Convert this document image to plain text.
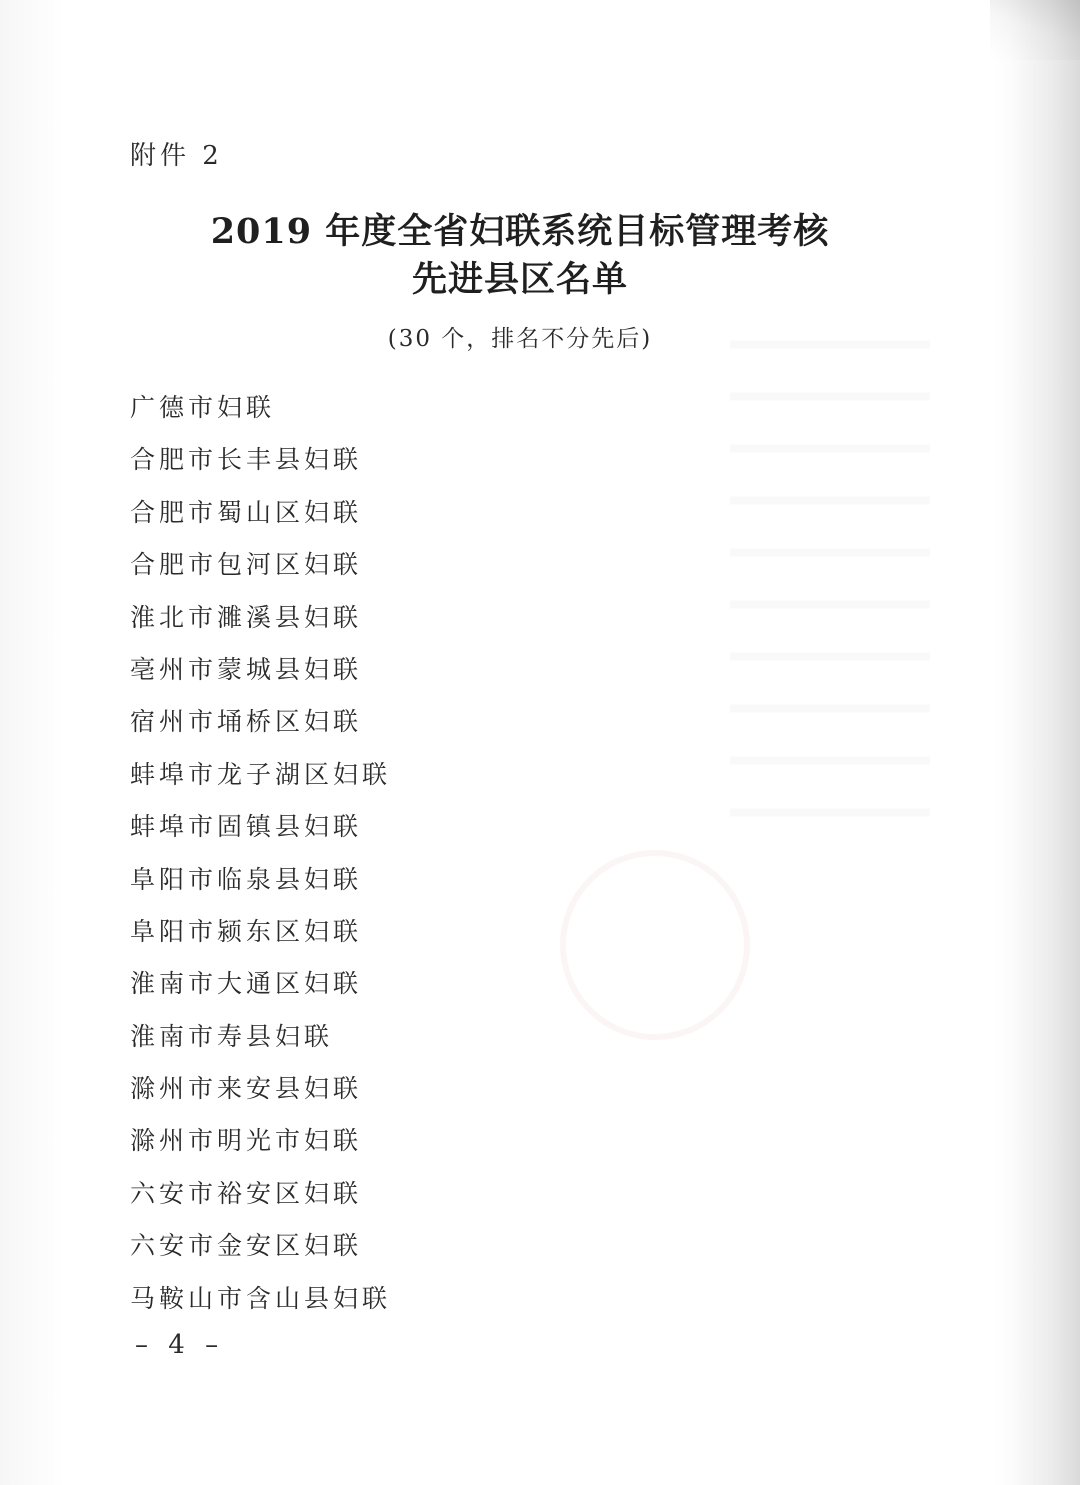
附件 2
2019 年度全省妇联系统目标管理考核
先进县区名单
(30 个，排名不分先后)
广德市妇联
合肥市长丰县妇联
合肥市蜀山区妇联
合肥市包河区妇联
淮北市濉溪县妇联
亳州市蒙城县妇联
宿州市埇桥区妇联
蚌埠市龙子湖区妇联
蚌埠市固镇县妇联
阜阳市临泉县妇联
阜阳市颍东区妇联
淮南市大通区妇联
淮南市寿县妇联
滁州市来安县妇联
滁州市明光市妇联
六安市裕安区妇联
六安市金安区妇联
马鞍山市含山县妇联
– 4 –
